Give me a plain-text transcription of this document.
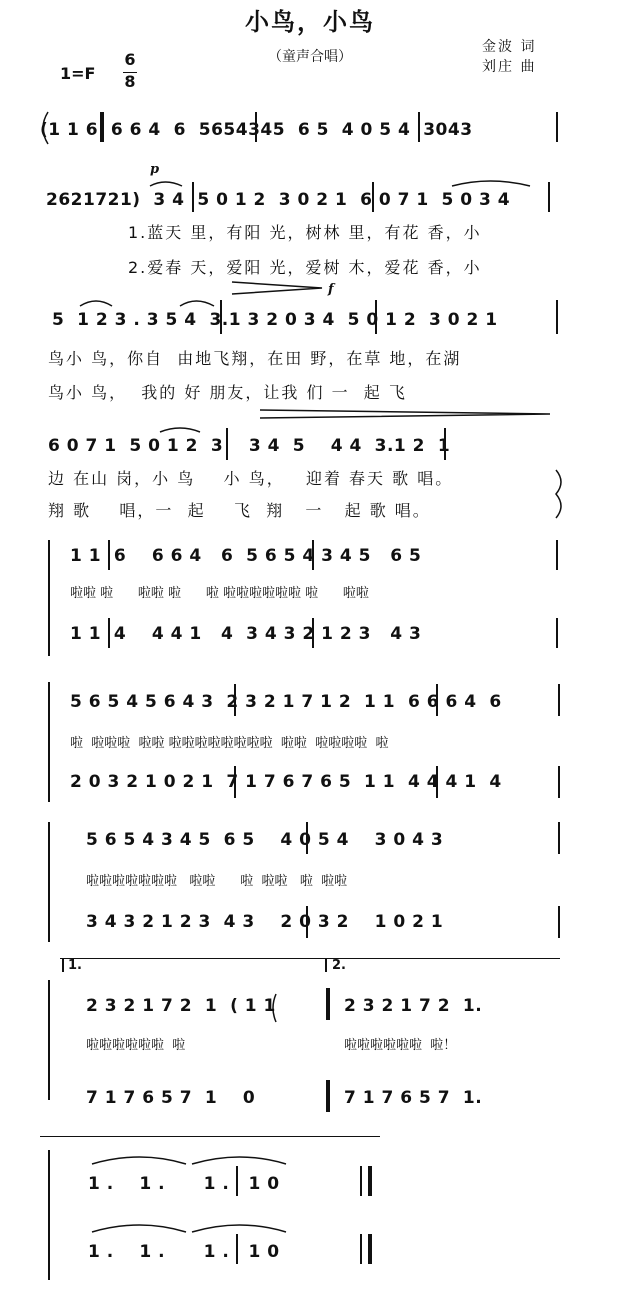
小鸟，小鸟
（童声合唱）
金波 词
刘庄 曲
1=F
6
8
(1 1 6  6 6 4  6  5654345  6 5  4 0 5 4  3043
p
2621721)  3 4  5 0 1 2  3 0 2 1  6 0 7 1  5 0 3 4
1.蓝天 里，有阳 光，树林 里，有花 香，小
2.爱春 天，爱阳 光，爱树 木，爱花 香，小
f
5  1 2 3 . 3 5 4  3.1 3 2 0 3 4  5 0 1 2  3 0 2 1
鸟小 鸟，你自  由地飞翔，在田 野，在草 地，在湖
鸟小 鸟，  我的 好 朋友，让我 们 一  起 飞
6 0 7 1  5 0 1 2  3    3 4  5    4 4  3.1 2  1
边 在山 岗，小 鸟    小 鸟，   迎着 春天 歌 唱。
翔 歌    唱，一  起    飞  翔   一   起 歌 唱。
1 1  6    6 6 4   6  5 6 5 4 3 4 5   6 5
啦啦 啦      啦啦 啦      啦 啦啦啦啦啦啦 啦      啦啦
1 1  4    4 4 1   4  3 4 3 2 1 2 3   4 3
5 6 5 4 5 6 4 3  2 3 2 1 7 1 2  1 1  6 6 6 4  6
啦  啦啦啦  啦啦 啦啦啦啦啦啦啦啦  啦啦  啦啦啦啦  啦
2 0 3 2 1 0 2 1  7 1 7 6 7 6 5  1 1  4 4 4 1  4
5 6 5 4 3 4 5  6 5    4 0 5 4    3 0 4 3
啦啦啦啦啦啦啦   啦啦      啦  啦啦   啦  啦啦
3 4 3 2 1 2 3  4 3    2 0 3 2    1 0 2 1
1.	2.
2 3 2 1 7 2  1  ( 1 1	2 3 2 1 7 2  1.
啦啦啦啦啦啦  啦	啦啦啦啦啦啦  啦！
7 1 7 6 5 7  1    0	7 1 7 6 5 7  1.
1 .    1 .      1 .   1 0
1 .    1 .      1 .   1 0
